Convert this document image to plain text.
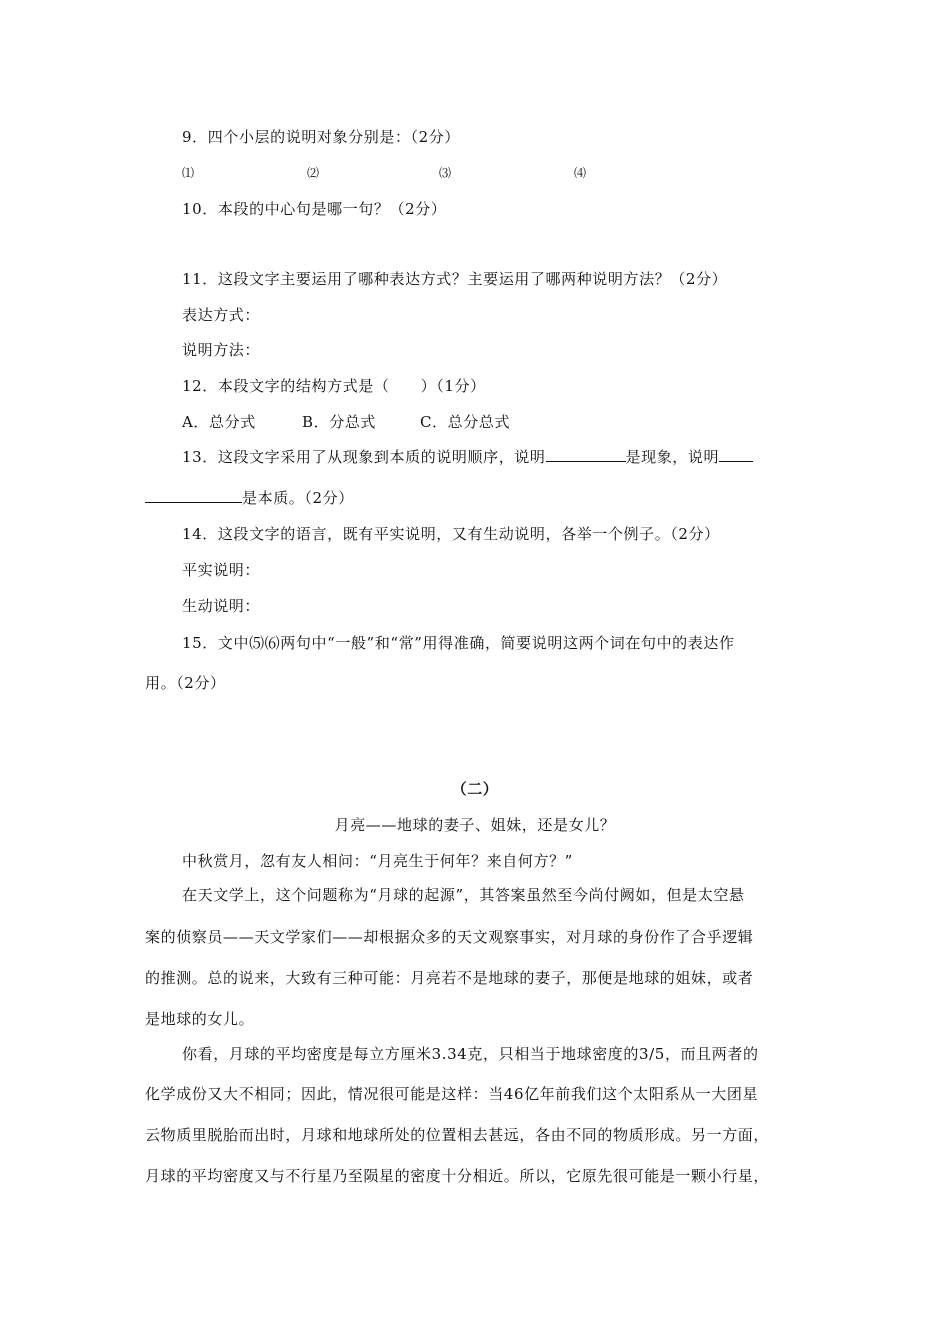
9．四个小层的说明对象分别是：（2分）
⑴	⑵	⑶	⑷
10．本段的中心句是哪一句？（2分）
11．这段文字主要运用了哪种表达方式？主要运用了哪两种说明方法？（2分）
表达方式：
说明方法：
12．本段文字的结构方式是（　　）（1分）
A．总分式	B．分总式	C．总分总式
13．这段文字采用了从现象到本质的说明顺序，说明	是现象，说明
是本质。（2分）
14．这段文字的语言，既有平实说明，又有生动说明，各举一个例子。（2分）
平实说明：
生动说明：
15．文中⑸⑹两句中“一般”和“常”用得准确，简要说明这两个词在句中的表达作
用。（2分）
（二）
月亮——地球的妻子、姐妹，还是女儿？
中秋赏月，忽有友人相问：“月亮生于何年？来自何方？”
在天文学上，这个问题称为“月球的起源”，其答案虽然至今尚付阙如，但是太空悬
案的侦察员——天文学家们——却根据众多的天文观察事实，对月球的身份作了合乎逻辑
的推测。总的说来，大致有三种可能：月亮若不是地球的妻子，那便是地球的姐妹，或者
是地球的女儿。
你看，月球的平均密度是每立方厘米3.34克，只相当于地球密度的3/5，而且两者的
化学成份又大不相同；因此，情况很可能是这样：当46亿年前我们这个太阳系从一大团星
云物质里脱胎而出时，月球和地球所处的位置相去甚远，各由不同的物质形成。另一方面，
月球的平均密度又与不行星乃至陨星的密度十分相近。所以，它原先很可能是一颗小行星，
